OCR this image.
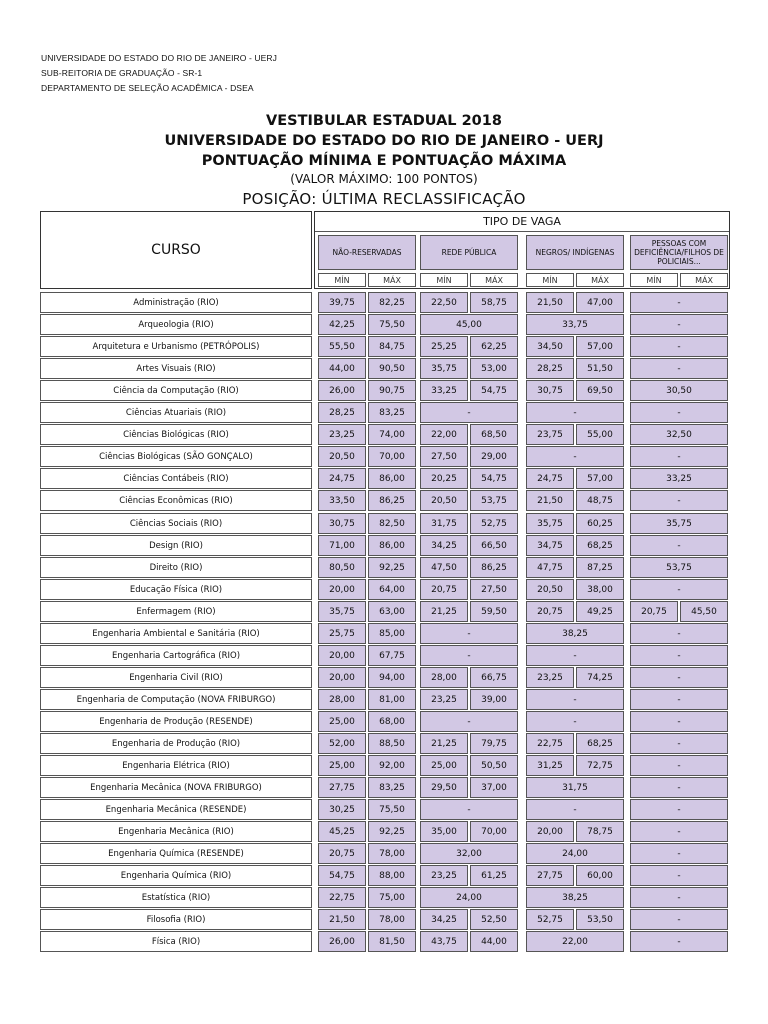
UNIVERSIDADE DO ESTADO DO RIO DE JANEIRO - UERJ
SUB-REITORIA DE GRADUAÇÃO - SR-1
DEPARTAMENTO DE SELEÇÃO ACADÊMICA - DSEA
VESTIBULAR ESTADUAL 2018
UNIVERSIDADE DO ESTADO DO RIO DE JANEIRO - UERJ
PONTUAÇÃO MÍNIMA E PONTUAÇÃO MÁXIMA
(VALOR MÁXIMO: 100 PONTOS)
POSIÇÃO: ÚLTIMA RECLASSIFICAÇÃO
CURSO
TIPO DE VAGA
NÃO-RESERVADAS
MÍN	MÁX
REDE PÚBLICA
MÍN	MÁX
NEGROS/ INDÍGENAS
MÍN	MÁX
PESSOAS COM DEFICIÊNCIA/FILHOS DE POLICIAIS...
MÍN	MÁX
Administração (RIO)	39,75	82,25	22,50	58,75	21,50	47,00	-
Arqueologia (RIO)	42,25	75,50	45,00	33,75	-
Arquitetura e Urbanismo (PETRÓPOLIS)	55,50	84,75	25,25	62,25	34,50	57,00	-
Artes Visuais (RIO)	44,00	90,50	35,75	53,00	28,25	51,50	-
Ciência da Computação (RIO)	26,00	90,75	33,25	54,75	30,75	69,50	30,50
Ciências Atuariais (RIO)	28,25	83,25	-	-	-
Ciências Biológicas (RIO)	23,25	74,00	22,00	68,50	23,75	55,00	32,50
Ciências Biológicas (SÃO GONÇALO)	20,50	70,00	27,50	29,00	-	-
Ciências Contábeis (RIO)	24,75	86,00	20,25	54,75	24,75	57,00	33,25
Ciências Econômicas (RIO)	33,50	86,25	20,50	53,75	21,50	48,75	-
Ciências Sociais (RIO)	30,75	82,50	31,75	52,75	35,75	60,25	35,75
Design (RIO)	71,00	86,00	34,25	66,50	34,75	68,25	-
Direito (RIO)	80,50	92,25	47,50	86,25	47,75	87,25	53,75
Educação Física (RIO)	20,00	64,00	20,75	27,50	20,50	38,00	-
Enfermagem (RIO)	35,75	63,00	21,25	59,50	20,75	49,25	20,75	45,50
Engenharia Ambiental e Sanitária (RIO)	25,75	85,00	-	38,25	-
Engenharia Cartográfica (RIO)	20,00	67,75	-	-	-
Engenharia Civil (RIO)	20,00	94,00	28,00	66,75	23,25	74,25	-
Engenharia de Computação (NOVA FRIBURGO)	28,00	81,00	23,25	39,00	-	-
Engenharia de Produção (RESENDE)	25,00	68,00	-	-	-
Engenharia de Produção (RIO)	52,00	88,50	21,25	79,75	22,75	68,25	-
Engenharia Elétrica (RIO)	25,00	92,00	25,00	50,50	31,25	72,75	-
Engenharia Mecânica (NOVA FRIBURGO)	27,75	83,25	29,50	37,00	31,75	-
Engenharia Mecânica (RESENDE)	30,25	75,50	-	-	-
Engenharia Mecânica (RIO)	45,25	92,25	35,00	70,00	20,00	78,75	-
Engenharia Química (RESENDE)	20,75	78,00	32,00	24,00	-
Engenharia Química (RIO)	54,75	88,00	23,25	61,25	27,75	60,00	-
Estatística (RIO)	22,75	75,00	24,00	38,25	-
Filosofia (RIO)	21,50	78,00	34,25	52,50	52,75	53,50	-
Física (RIO)	26,00	81,50	43,75	44,00	22,00	-
